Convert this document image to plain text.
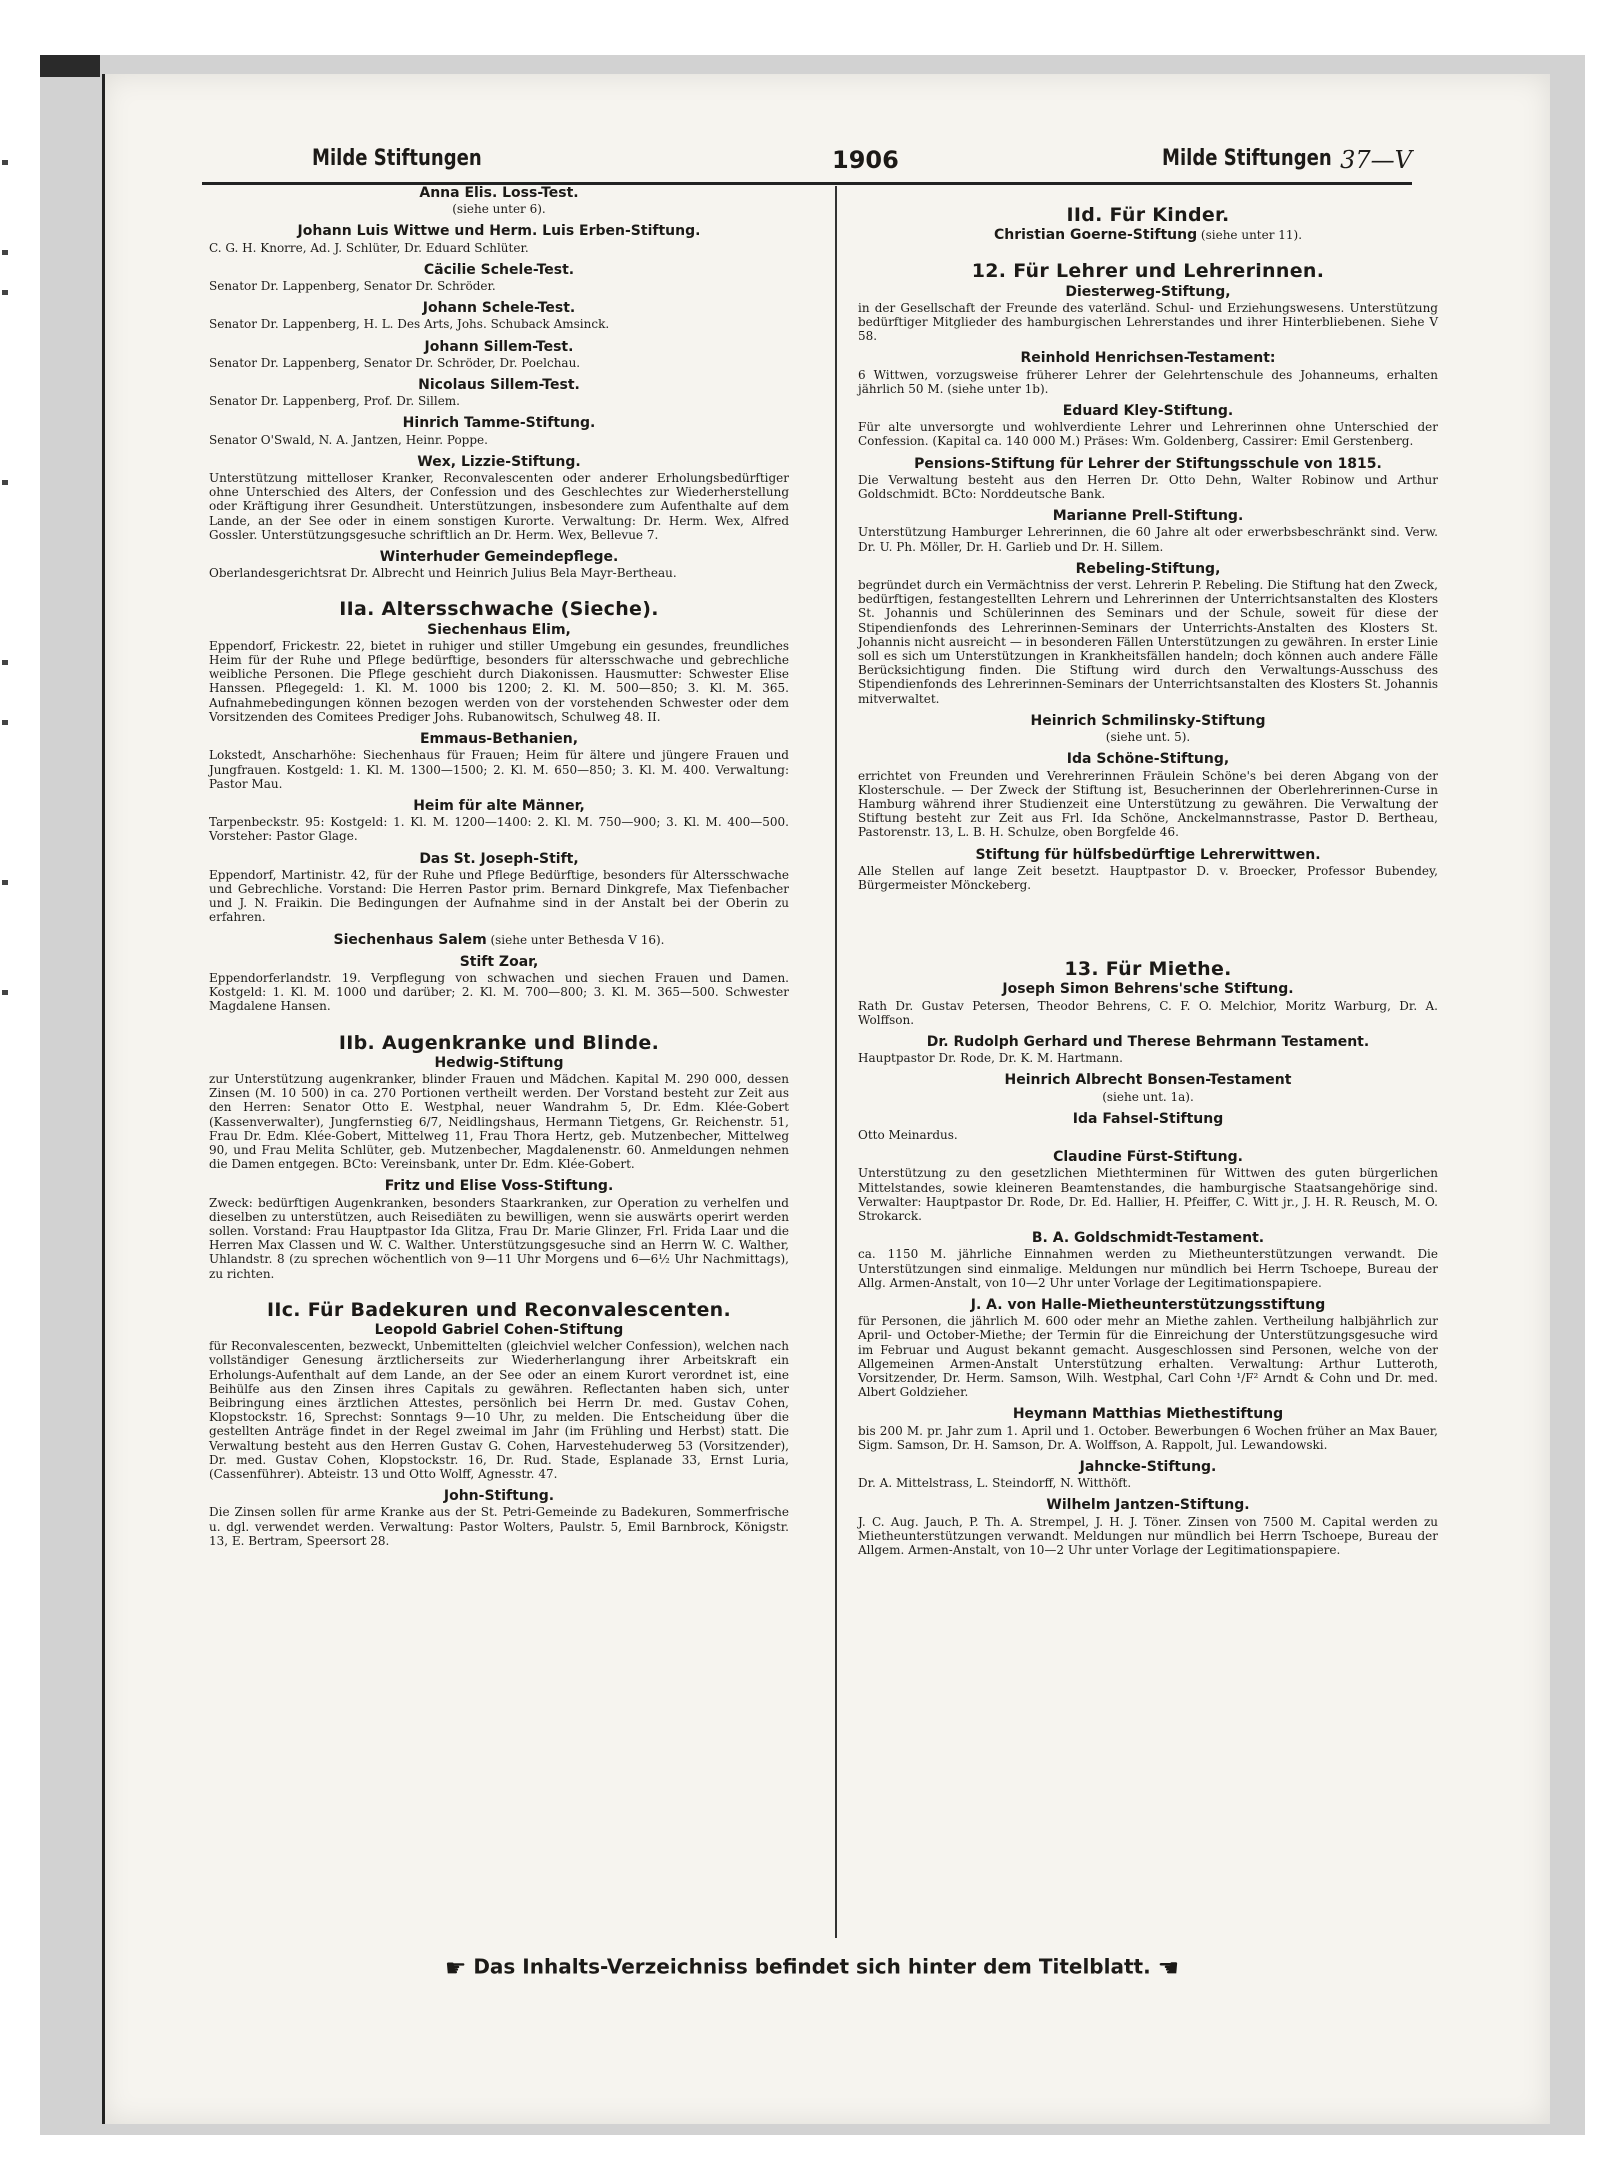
Milde Stiftungen	1906	Milde Stiftungen 37—V
Anna Elis. Loss-Test.
(siehe unter 6).
Johann Luis Wittwe und Herm. Luis Erben-Stiftung.
C. G. H. Knorre, Ad. J. Schlüter, Dr. Eduard Schlüter.
Cäcilie Schele-Test.
Senator Dr. Lappenberg, Senator Dr. Schröder.
Johann Schele-Test.
Senator Dr. Lappenberg, H. L. Des Arts, Johs. Schuback Amsinck.
Johann Sillem-Test.
Senator Dr. Lappenberg, Senator Dr. Schröder, Dr. Poelchau.
Nicolaus Sillem-Test.
Senator Dr. Lappenberg, Prof. Dr. Sillem.
Hinrich Tamme-Stiftung.
Senator O'Swald, N. A. Jantzen, Heinr. Poppe.
Wex, Lizzie-Stiftung.
Unterstützung mittelloser Kranker, Reconvalescenten oder anderer Erholungsbedürftiger ohne Unterschied des Alters, der Confession und des Geschlechtes zur Wiederherstellung oder Kräftigung ihrer Gesundheit. Unterstützungen, insbesondere zum Aufenthalte auf dem Lande, an der See oder in einem sonstigen Kurorte. Verwaltung: Dr. Herm. Wex, Alfred Gossler. Unterstützungsgesuche schriftlich an Dr. Herm. Wex, Bellevue 7.
Winterhuder Gemeindepflege.
Oberlandesgerichtsrat Dr. Albrecht und Heinrich Julius Bela Mayr-Bertheau.
IIa. Altersschwache (Sieche).
Siechenhaus Elim,
Eppendorf, Frickestr. 22, bietet in ruhiger und stiller Umgebung ein gesundes, freundliches Heim für der Ruhe und Pflege bedürftige, besonders für altersschwache und gebrechliche weibliche Personen. Die Pflege geschieht durch Diakonissen. Hausmutter: Schwester Elise Hanssen. Pflegegeld: 1. Kl. M. 1000 bis 1200; 2. Kl. M. 500—850; 3. Kl. M. 365. Aufnahmebedingungen können bezogen werden von der vorstehenden Schwester oder dem Vorsitzenden des Comitees Prediger Johs. Rubanowitsch, Schulweg 48. II.
Emmaus-Bethanien,
Lokstedt, Anscharhöhe: Siechenhaus für Frauen; Heim für ältere und jüngere Frauen und Jungfrauen. Kostgeld: 1. Kl. M. 1300—1500; 2. Kl. M. 650—850; 3. Kl. M. 400. Verwaltung: Pastor Mau.
Heim für alte Männer,
Tarpenbeckstr. 95: Kostgeld: 1. Kl. M. 1200—1400: 2. Kl. M. 750—900; 3. Kl. M. 400—500. Vorsteher: Pastor Glage.
Das St. Joseph-Stift,
Eppendorf, Martinistr. 42, für der Ruhe und Pflege Bedürftige, besonders für Altersschwache und Gebrechliche. Vorstand: Die Herren Pastor prim. Bernard Dinkgrefe, Max Tiefenbacher und J. N. Fraikin. Die Bedingungen der Aufnahme sind in der Anstalt bei der Oberin zu erfahren.
Siechenhaus Salem (siehe unter Bethesda V 16).
Stift Zoar,
Eppendorferlandstr. 19. Verpflegung von schwachen und siechen Frauen und Damen. Kostgeld: 1. Kl. M. 1000 und darüber; 2. Kl. M. 700—800; 3. Kl. M. 365—500. Schwester Magdalene Hansen.
IIb. Augenkranke und Blinde.
Hedwig-Stiftung
zur Unterstützung augenkranker, blinder Frauen und Mädchen. Kapital M. 290 000, dessen Zinsen (M. 10 500) in ca. 270 Portionen vertheilt werden. Der Vorstand besteht zur Zeit aus den Herren: Senator Otto E. Westphal, neuer Wandrahm 5, Dr. Edm. Klée-Gobert (Kassenverwalter), Jungfernstieg 6/7, Neidlingshaus, Hermann Tietgens, Gr. Reichenstr. 51, Frau Dr. Edm. Klée-Gobert, Mittelweg 11, Frau Thora Hertz, geb. Mutzenbecher, Mittelweg 90, und Frau Melita Schlüter, geb. Mutzenbecher, Magdalenenstr. 60. Anmeldungen nehmen die Damen entgegen. BCto: Vereinsbank, unter Dr. Edm. Klée-Gobert.
Fritz und Elise Voss-Stiftung.
Zweck: bedürftigen Augenkranken, besonders Staarkranken, zur Operation zu verhelfen und dieselben zu unterstützen, auch Reisediäten zu bewilligen, wenn sie auswärts operirt werden sollen. Vorstand: Frau Hauptpastor Ida Glitza, Frau Dr. Marie Glinzer, Frl. Frida Laar und die Herren Max Classen und W. C. Walther. Unterstützungsgesuche sind an Herrn W. C. Walther, Uhlandstr. 8 (zu sprechen wöchentlich von 9—11 Uhr Morgens und 6—6½ Uhr Nachmittags), zu richten.
IIc. Für Badekuren und Reconvalescenten.
Leopold Gabriel Cohen-Stiftung
für Reconvalescenten, bezweckt, Unbemittelten (gleichviel welcher Confession), welchen nach vollständiger Genesung ärztlicherseits zur Wiederherlangung ihrer Arbeitskraft ein Erholungs-Aufenthalt auf dem Lande, an der See oder an einem Kurort verordnet ist, eine Beihülfe aus den Zinsen ihres Capitals zu gewähren. Reflectanten haben sich, unter Beibringung eines ärztlichen Attestes, persönlich bei Herrn Dr. med. Gustav Cohen, Klopstockstr. 16, Sprechst: Sonntags 9—10 Uhr, zu melden. Die Entscheidung über die gestellten Anträge findet in der Regel zweimal im Jahr (im Frühling und Herbst) statt. Die Verwaltung besteht aus den Herren Gustav G. Cohen, Harvestehuderweg 53 (Vorsitzender), Dr. med. Gustav Cohen, Klopstockstr. 16, Dr. Rud. Stade, Esplanade 33, Ernst Luria, (Cassenführer). Abteistr. 13 und Otto Wolff, Agnesstr. 47.
John-Stiftung.
Die Zinsen sollen für arme Kranke aus der St. Petri-Gemeinde zu Badekuren, Sommerfrische u. dgl. verwendet werden. Verwaltung: Pastor Wolters, Paulstr. 5, Emil Barnbrock, Königstr. 13, E. Bertram, Speersort 28.
IId. Für Kinder.
Christian Goerne-Stiftung (siehe unter 11).
12. Für Lehrer und Lehrerinnen.
Diesterweg-Stiftung,
in der Gesellschaft der Freunde des vaterländ. Schul- und Erziehungswesens. Unterstützung bedürftiger Mitglieder des hamburgischen Lehrerstandes und ihrer Hinterbliebenen. Siehe V 58.
Reinhold Henrichsen-Testament:
6 Wittwen, vorzugsweise früherer Lehrer der Gelehrtenschule des Johanneums, erhalten jährlich 50 M. (siehe unter 1b).
Eduard Kley-Stiftung.
Für alte unversorgte und wohlverdiente Lehrer und Lehrerinnen ohne Unterschied der Confession. (Kapital ca. 140 000 M.) Präses: Wm. Goldenberg, Cassirer: Emil Gerstenberg.
Pensions-Stiftung für Lehrer der Stiftungsschule von 1815.
Die Verwaltung besteht aus den Herren Dr. Otto Dehn, Walter Robinow und Arthur Goldschmidt. BCto: Norddeutsche Bank.
Marianne Prell-Stiftung.
Unterstützung Hamburger Lehrerinnen, die 60 Jahre alt oder erwerbsbeschränkt sind. Verw. Dr. U. Ph. Möller, Dr. H. Garlieb und Dr. H. Sillem.
Rebeling-Stiftung,
begründet durch ein Vermächtniss der verst. Lehrerin P. Rebeling. Die Stiftung hat den Zweck, bedürftigen, festangestellten Lehrern und Lehrerinnen der Unterrichtsanstalten des Klosters St. Johannis und Schülerinnen des Seminars und der Schule, soweit für diese der Stipendienfonds des Lehrerinnen-Seminars der Unterrichts-Anstalten des Klosters St. Johannis nicht ausreicht — in besonderen Fällen Unterstützungen zu gewähren. In erster Linie soll es sich um Unterstützungen in Krankheitsfällen handeln; doch können auch andere Fälle Berücksichtigung finden. Die Stiftung wird durch den Verwaltungs-Ausschuss des Stipendienfonds des Lehrerinnen-Seminars der Unterrichtsanstalten des Klosters St. Johannis mitverwaltet.
Heinrich Schmilinsky-Stiftung
(siehe unt. 5).
Ida Schöne-Stiftung,
errichtet von Freunden und Verehrerinnen Fräulein Schöne's bei deren Abgang von der Klosterschule. — Der Zweck der Stiftung ist, Besucherinnen der Oberlehrerinnen-Curse in Hamburg während ihrer Studienzeit eine Unterstützung zu gewähren. Die Verwaltung der Stiftung besteht zur Zeit aus Frl. Ida Schöne, Anckelmannstrasse, Pastor D. Bertheau, Pastorenstr. 13, L. B. H. Schulze, oben Borgfelde 46.
Stiftung für hülfsbedürftige Lehrerwittwen.
Alle Stellen auf lange Zeit besetzt. Hauptpastor D. v. Broecker, Professor Bubendey, Bürgermeister Mönckeberg.
13. Für Miethe.
Joseph Simon Behrens'sche Stiftung.
Rath Dr. Gustav Petersen, Theodor Behrens, C. F. O. Melchior, Moritz Warburg, Dr. A. Wolffson.
Dr. Rudolph Gerhard und Therese Behrmann Testament.
Hauptpastor Dr. Rode, Dr. K. M. Hartmann.
Heinrich Albrecht Bonsen-Testament
(siehe unt. 1a).
Ida Fahsel-Stiftung
Otto Meinardus.
Claudine Fürst-Stiftung.
Unterstützung zu den gesetzlichen Miethterminen für Wittwen des guten bürgerlichen Mittelstandes, sowie kleineren Beamtenstandes, die hamburgische Staatsangehörige sind. Verwalter: Hauptpastor Dr. Rode, Dr. Ed. Hallier, H. Pfeiffer, C. Witt jr., J. H. R. Reusch, M. O. Strokarck.
B. A. Goldschmidt-Testament.
ca. 1150 M. jährliche Einnahmen werden zu Mietheunterstützungen verwandt. Die Unterstützungen sind einmalige. Meldungen nur mündlich bei Herrn Tschoepe, Bureau der Allg. Armen-Anstalt, von 10—2 Uhr unter Vorlage der Legitimationspapiere.
J. A. von Halle-Mietheunterstützungsstiftung
für Personen, die jährlich M. 600 oder mehr an Miethe zahlen. Vertheilung halbjährlich zur April- und October-Miethe; der Termin für die Einreichung der Unterstützungsgesuche wird im Februar und August bekannt gemacht. Ausgeschlossen sind Personen, welche von der Allgemeinen Armen-Anstalt Unterstützung erhalten. Verwaltung: Arthur Lutteroth, Vorsitzender, Dr. Herm. Samson, Wilh. Westphal, Carl Cohn ¹/F² Arndt & Cohn und Dr. med. Albert Goldzieher.
Heymann Matthias Miethestiftung
bis 200 M. pr. Jahr zum 1. April und 1. October. Bewerbungen 6 Wochen früher an Max Bauer, Sigm. Samson, Dr. H. Samson, Dr. A. Wolffson, A. Rappolt, Jul. Lewandowski.
Jahncke-Stiftung.
Dr. A. Mittelstrass, L. Steindorff, N. Witthöft.
Wilhelm Jantzen-Stiftung.
J. C. Aug. Jauch, P. Th. A. Strempel, J. H. J. Töner. Zinsen von 7500 M. Capital werden zu Mietheunterstützungen verwandt. Meldungen nur mündlich bei Herrn Tschoepe, Bureau der Allgem. Armen-Anstalt, von 10—2 Uhr unter Vorlage der Legitimationspapiere.
☛ Das Inhalts-Verzeichniss befindet sich hinter dem Titelblatt. ☚
